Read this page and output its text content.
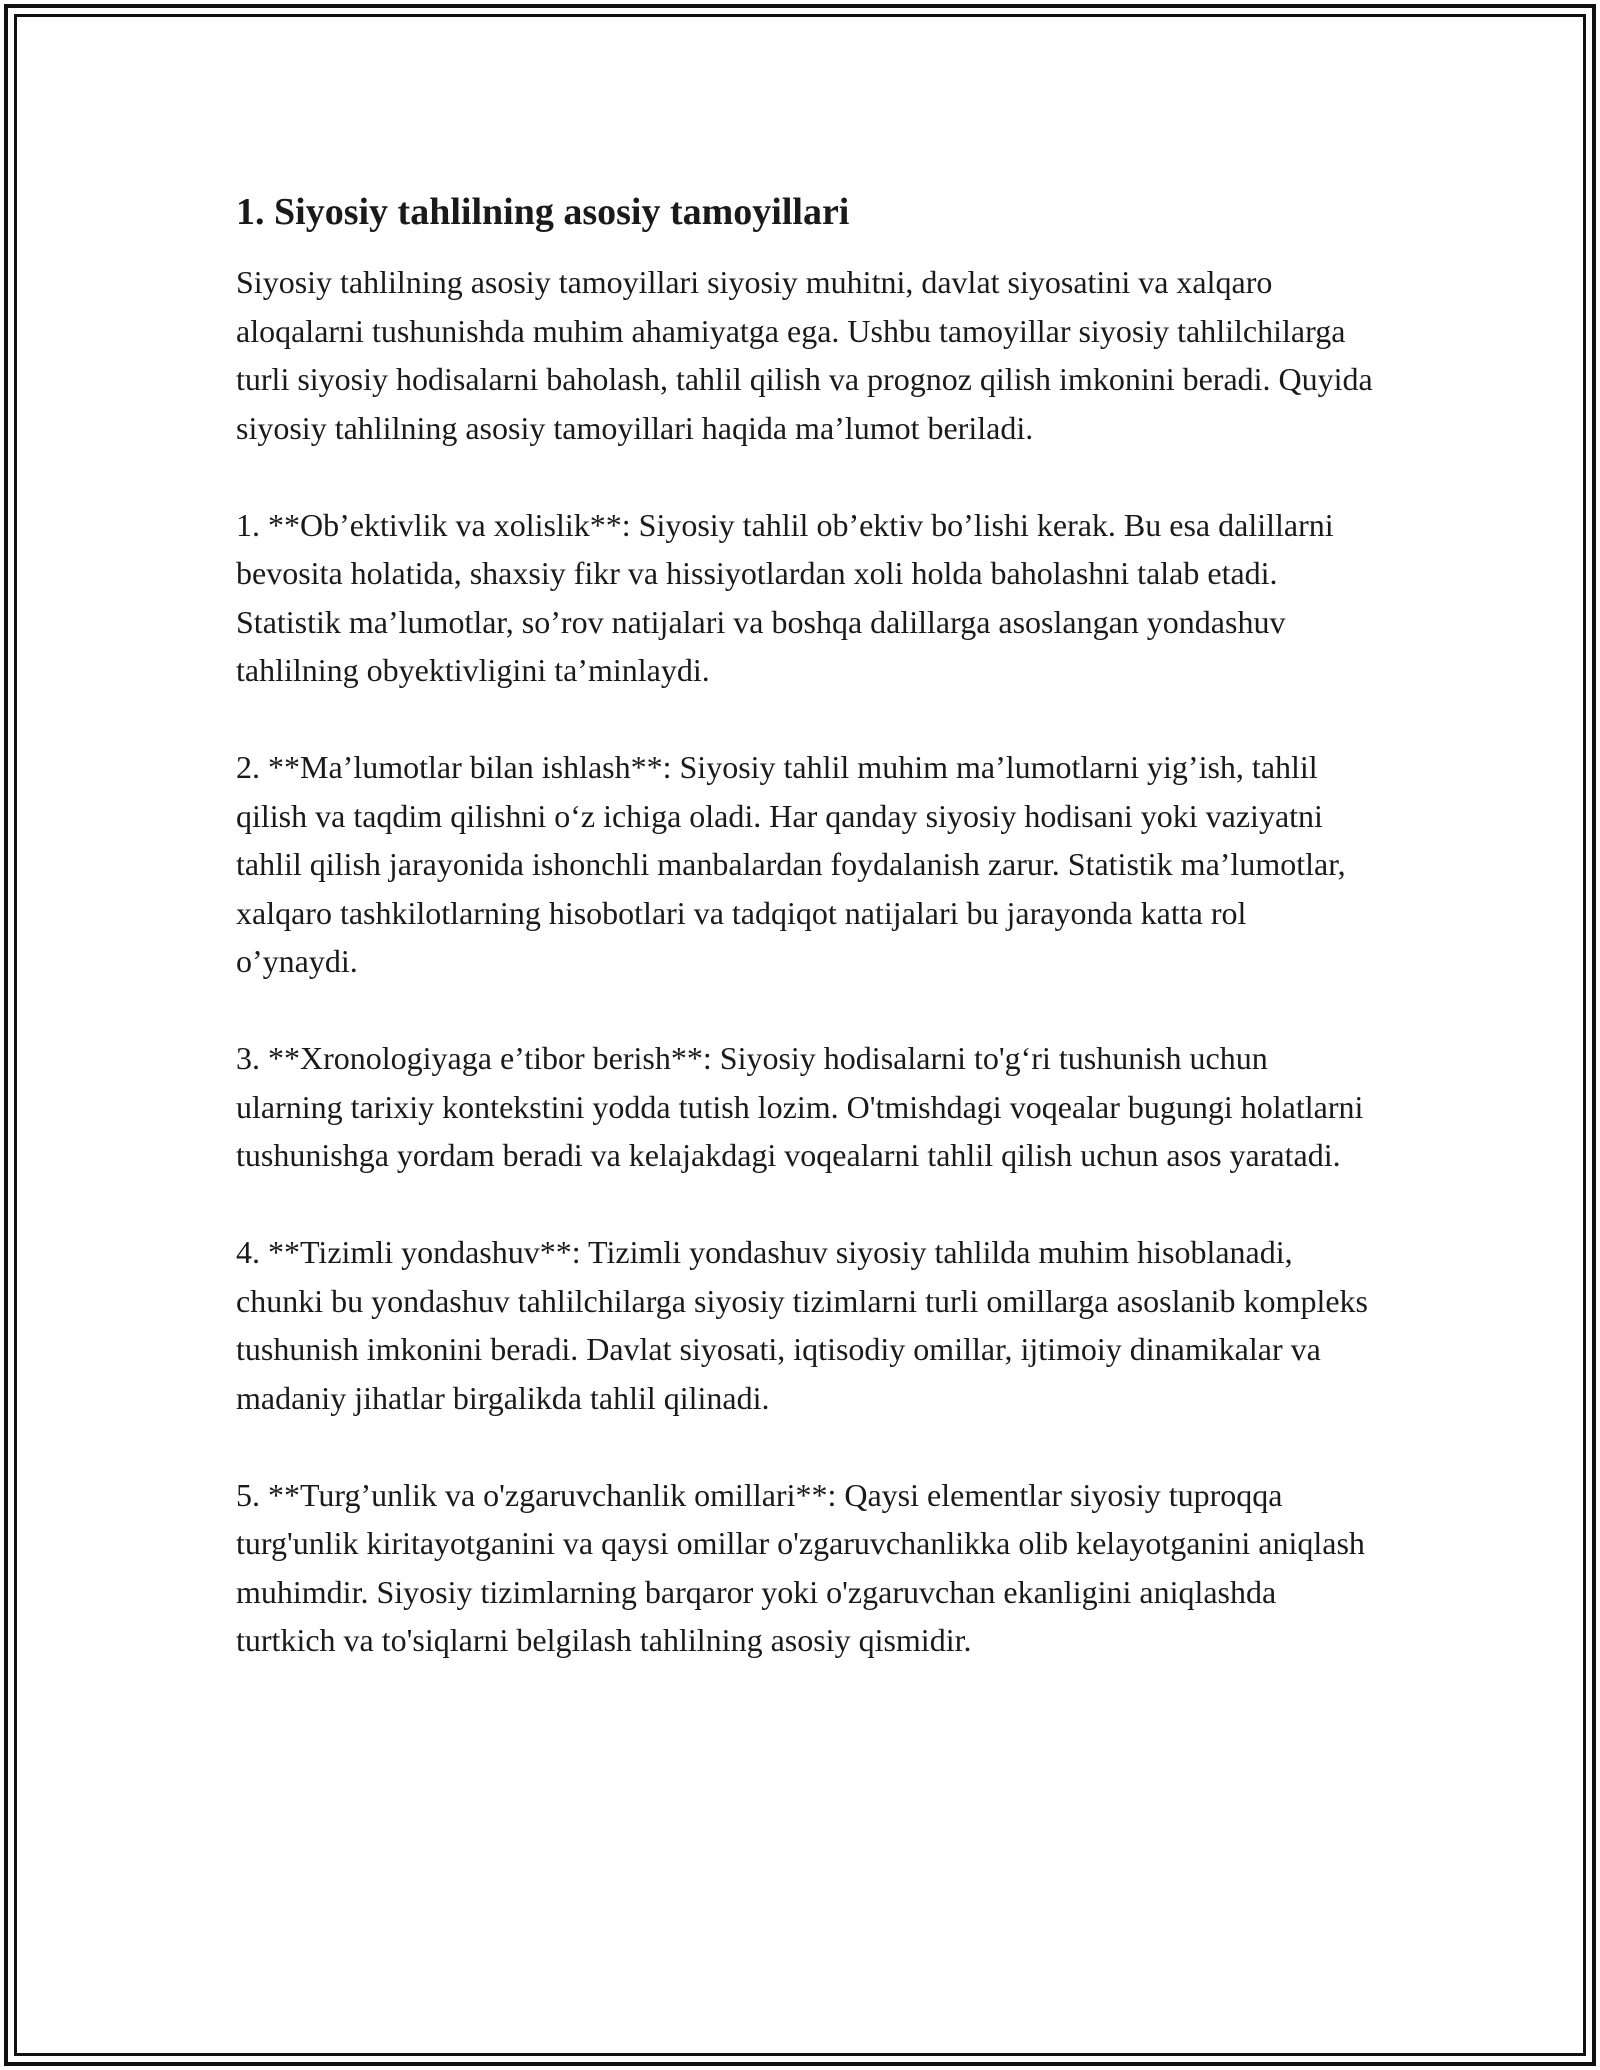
1. Siyosiy tahlilning asosiy tamoyillari

Siyosiy tahlilning asosiy tamoyillari siyosiy muhitni, davlat siyosatini va xalqaro aloqalarni tushunishda muhim ahamiyatga ega. Ushbu tamoyillar siyosiy tahlilchilarga turli siyosiy hodisalarni baholash, tahlil qilish va prognoz qilish imkonini beradi. Quyida siyosiy tahlilning asosiy tamoyillari haqida ma’lumot beriladi.

1. **Ob’ektivlik va xolislik**: Siyosiy tahlil ob’ektiv bo’lishi kerak. Bu esa dalillarni bevosita holatida, shaxsiy fikr va hissiyotlardan xoli holda baholashni talab etadi. Statistik ma’lumotlar, so’rov natijalari va boshqa dalillarga asoslangan yondashuv tahlilning obyektivligini ta’minlaydi.

2. **Ma’lumotlar bilan ishlash**: Siyosiy tahlil muhim ma’lumotlarni yig’ish, tahlil qilish va taqdim qilishni o‘z ichiga oladi. Har qanday siyosiy hodisani yoki vaziyatni tahlil qilish jarayonida ishonchli manbalardan foydalanish zarur. Statistik ma’lumotlar, xalqaro tashkilotlarning hisobotlari va tadqiqot natijalari bu jarayonda katta rol o’ynaydi.

3. **Xronologiyaga e’tibor berish**: Siyosiy hodisalarni to'g‘ri tushunish uchun ularning tarixiy kontekstini yodda tutish lozim. O'tmishdagi voqealar bugungi holatlarni tushunishga yordam beradi va kelajakdagi voqealarni tahlil qilish uchun asos yaratadi.

4. **Tizimli yondashuv**: Tizimli yondashuv siyosiy tahlilda muhim hisoblanadi, chunki bu yondashuv tahlilchilarga siyosiy tizimlarni turli omillarga asoslanib kompleks tushunish imkonini beradi. Davlat siyosati, iqtisodiy omillar, ijtimoiy dinamikalar va madaniy jihatlar birgalikda tahlil qilinadi.

5. **Turg’unlik va o'zgaruvchanlik omillari**: Qaysi elementlar siyosiy tuproqqa turg'unlik kiritayotganini va qaysi omillar o'zgaruvchanlikka olib kelayotganini aniqlash muhimdir. Siyosiy tizimlarning barqaror yoki o'zgaruvchan ekanligini aniqlashda turtkich va to'siqlarni belgilash tahlilning asosiy qismidir.
